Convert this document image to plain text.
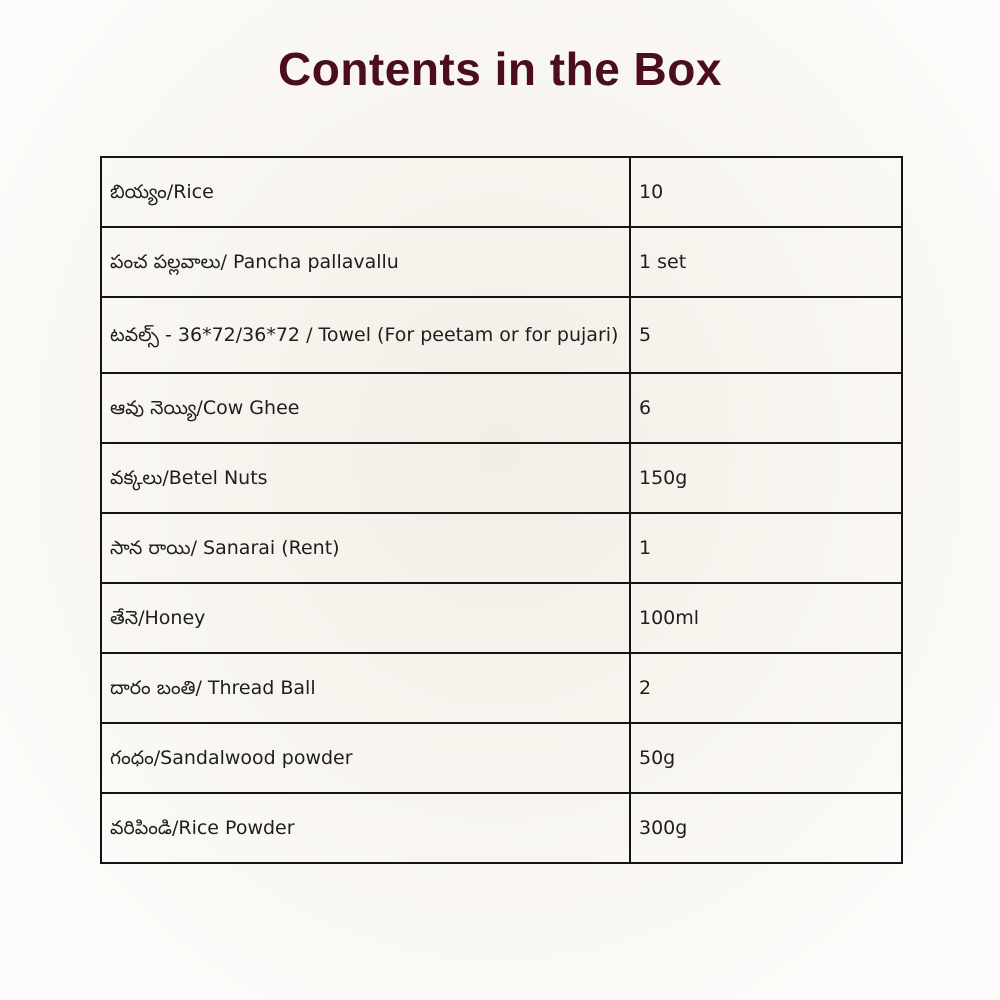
Contents in the Box
బియ్యం/Rice	10
పంచ పల్లవాలు/ Pancha pallavallu	1 set
టవల్స్ - 36*72/36*72 / Towel (For peetam or for pujari)	5
ఆవు నెయ్యి/Cow Ghee	6
వక్కలు/Betel Nuts	150g
సాన రాయి/ Sanarai (Rent)	1
తేనె/Honey	100ml
దారం బంతి/ Thread Ball	2
గంధం/Sandalwood powder	50g
వరిపిండి/Rice Powder	300g
